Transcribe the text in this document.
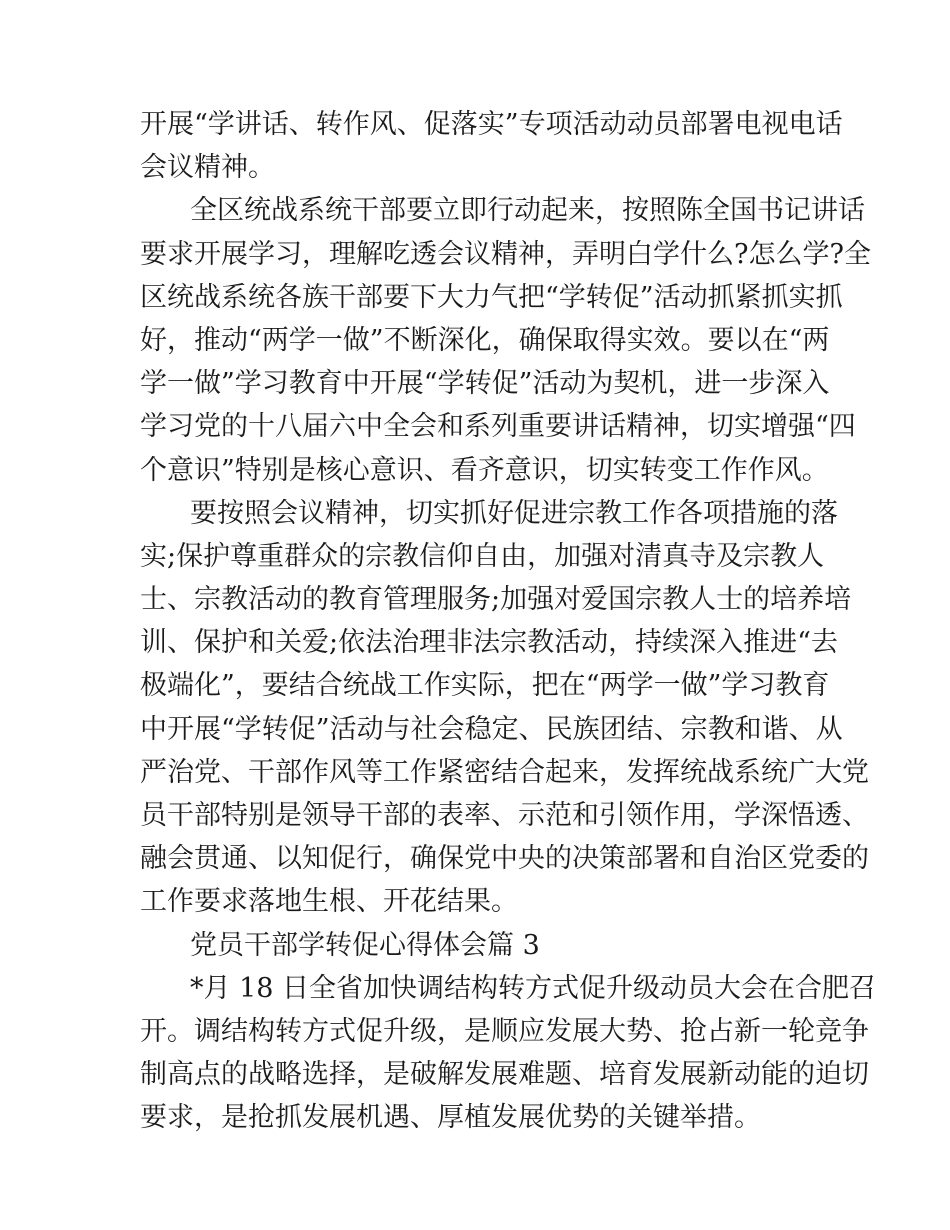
开展“学讲话、转作风、促落实”专项活动动员部署电视电话
会议精神。
全区统战系统干部要立即行动起来，按照陈全国书记讲话
要求开展学习，理解吃透会议精神，弄明白学什么?怎么学?全
区统战系统各族干部要下大力气把“学转促”活动抓紧抓实抓
好，推动“两学一做”不断深化，确保取得实效。要以在“两
学一做”学习教育中开展“学转促”活动为契机，进一步深入
学习党的十八届六中全会和系列重要讲话精神，切实增强“四
个意识”特别是核心意识、看齐意识，切实转变工作作风。
要按照会议精神，切实抓好促进宗教工作各项措施的落
实;保护尊重群众的宗教信仰自由，加强对清真寺及宗教人
士、宗教活动的教育管理服务;加强对爱国宗教人士的培养培
训、保护和关爱;依法治理非法宗教活动，持续深入推进“去
极端化”，要结合统战工作实际，把在“两学一做”学习教育
中开展“学转促”活动与社会稳定、民族团结、宗教和谐、从
严治党、干部作风等工作紧密结合起来，发挥统战系统广大党
员干部特别是领导干部的表率、示范和引领作用，学深悟透、
融会贯通、以知促行，确保党中央的决策部署和自治区党委的
工作要求落地生根、开花结果。
党员干部学转促心得体会篇 3
*月 18 日全省加快调结构转方式促升级动员大会在合肥召
开。调结构转方式促升级，是顺应发展大势、抢占新一轮竞争
制高点的战略选择，是破解发展难题、培育发展新动能的迫切
要求，是抢抓发展机遇、厚植发展优势的关键举措。
